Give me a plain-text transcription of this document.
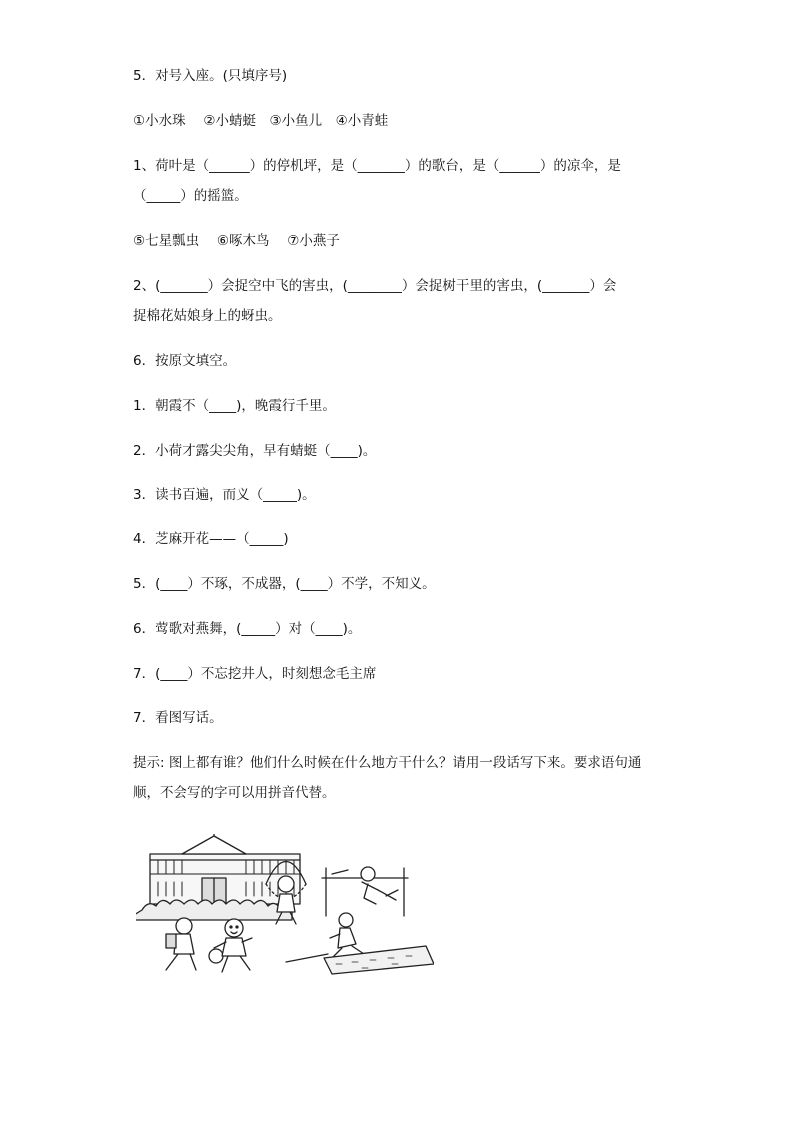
5．对号入座。(只填序号)
①小水珠　 ②小蜻蜓　③小鱼儿　④小青蛙
1、荷叶是（______）的停机坪，是（_______）的歌台，是（______）的凉伞，是
（_____）的摇篮。
⑤七星瓢虫　 ⑥啄木鸟　 ⑦小燕子
2、(_______）会捉空中飞的害虫，(________）会捉树干里的害虫，(_______）会
捉棉花姑娘身上的蚜虫。
6．按原文填空。
1．朝霞不（____)，晚霞行千里。
2．小荷才露尖尖角，早有蜻蜓（____)。
3．读书百遍，而义（_____)。
4．芝麻开花——（_____)
5．(____）不琢，不成器，(____）不学，不知义。
6．莺歌对燕舞，(_____）对（____)。
7．(____）不忘挖井人，时刻想念毛主席
7．看图写话。
提示: 图上都有谁？他们什么时候在什么地方干什么？请用一段话写下来。要求语句通顺，不会写的字可以用拼音代替。
